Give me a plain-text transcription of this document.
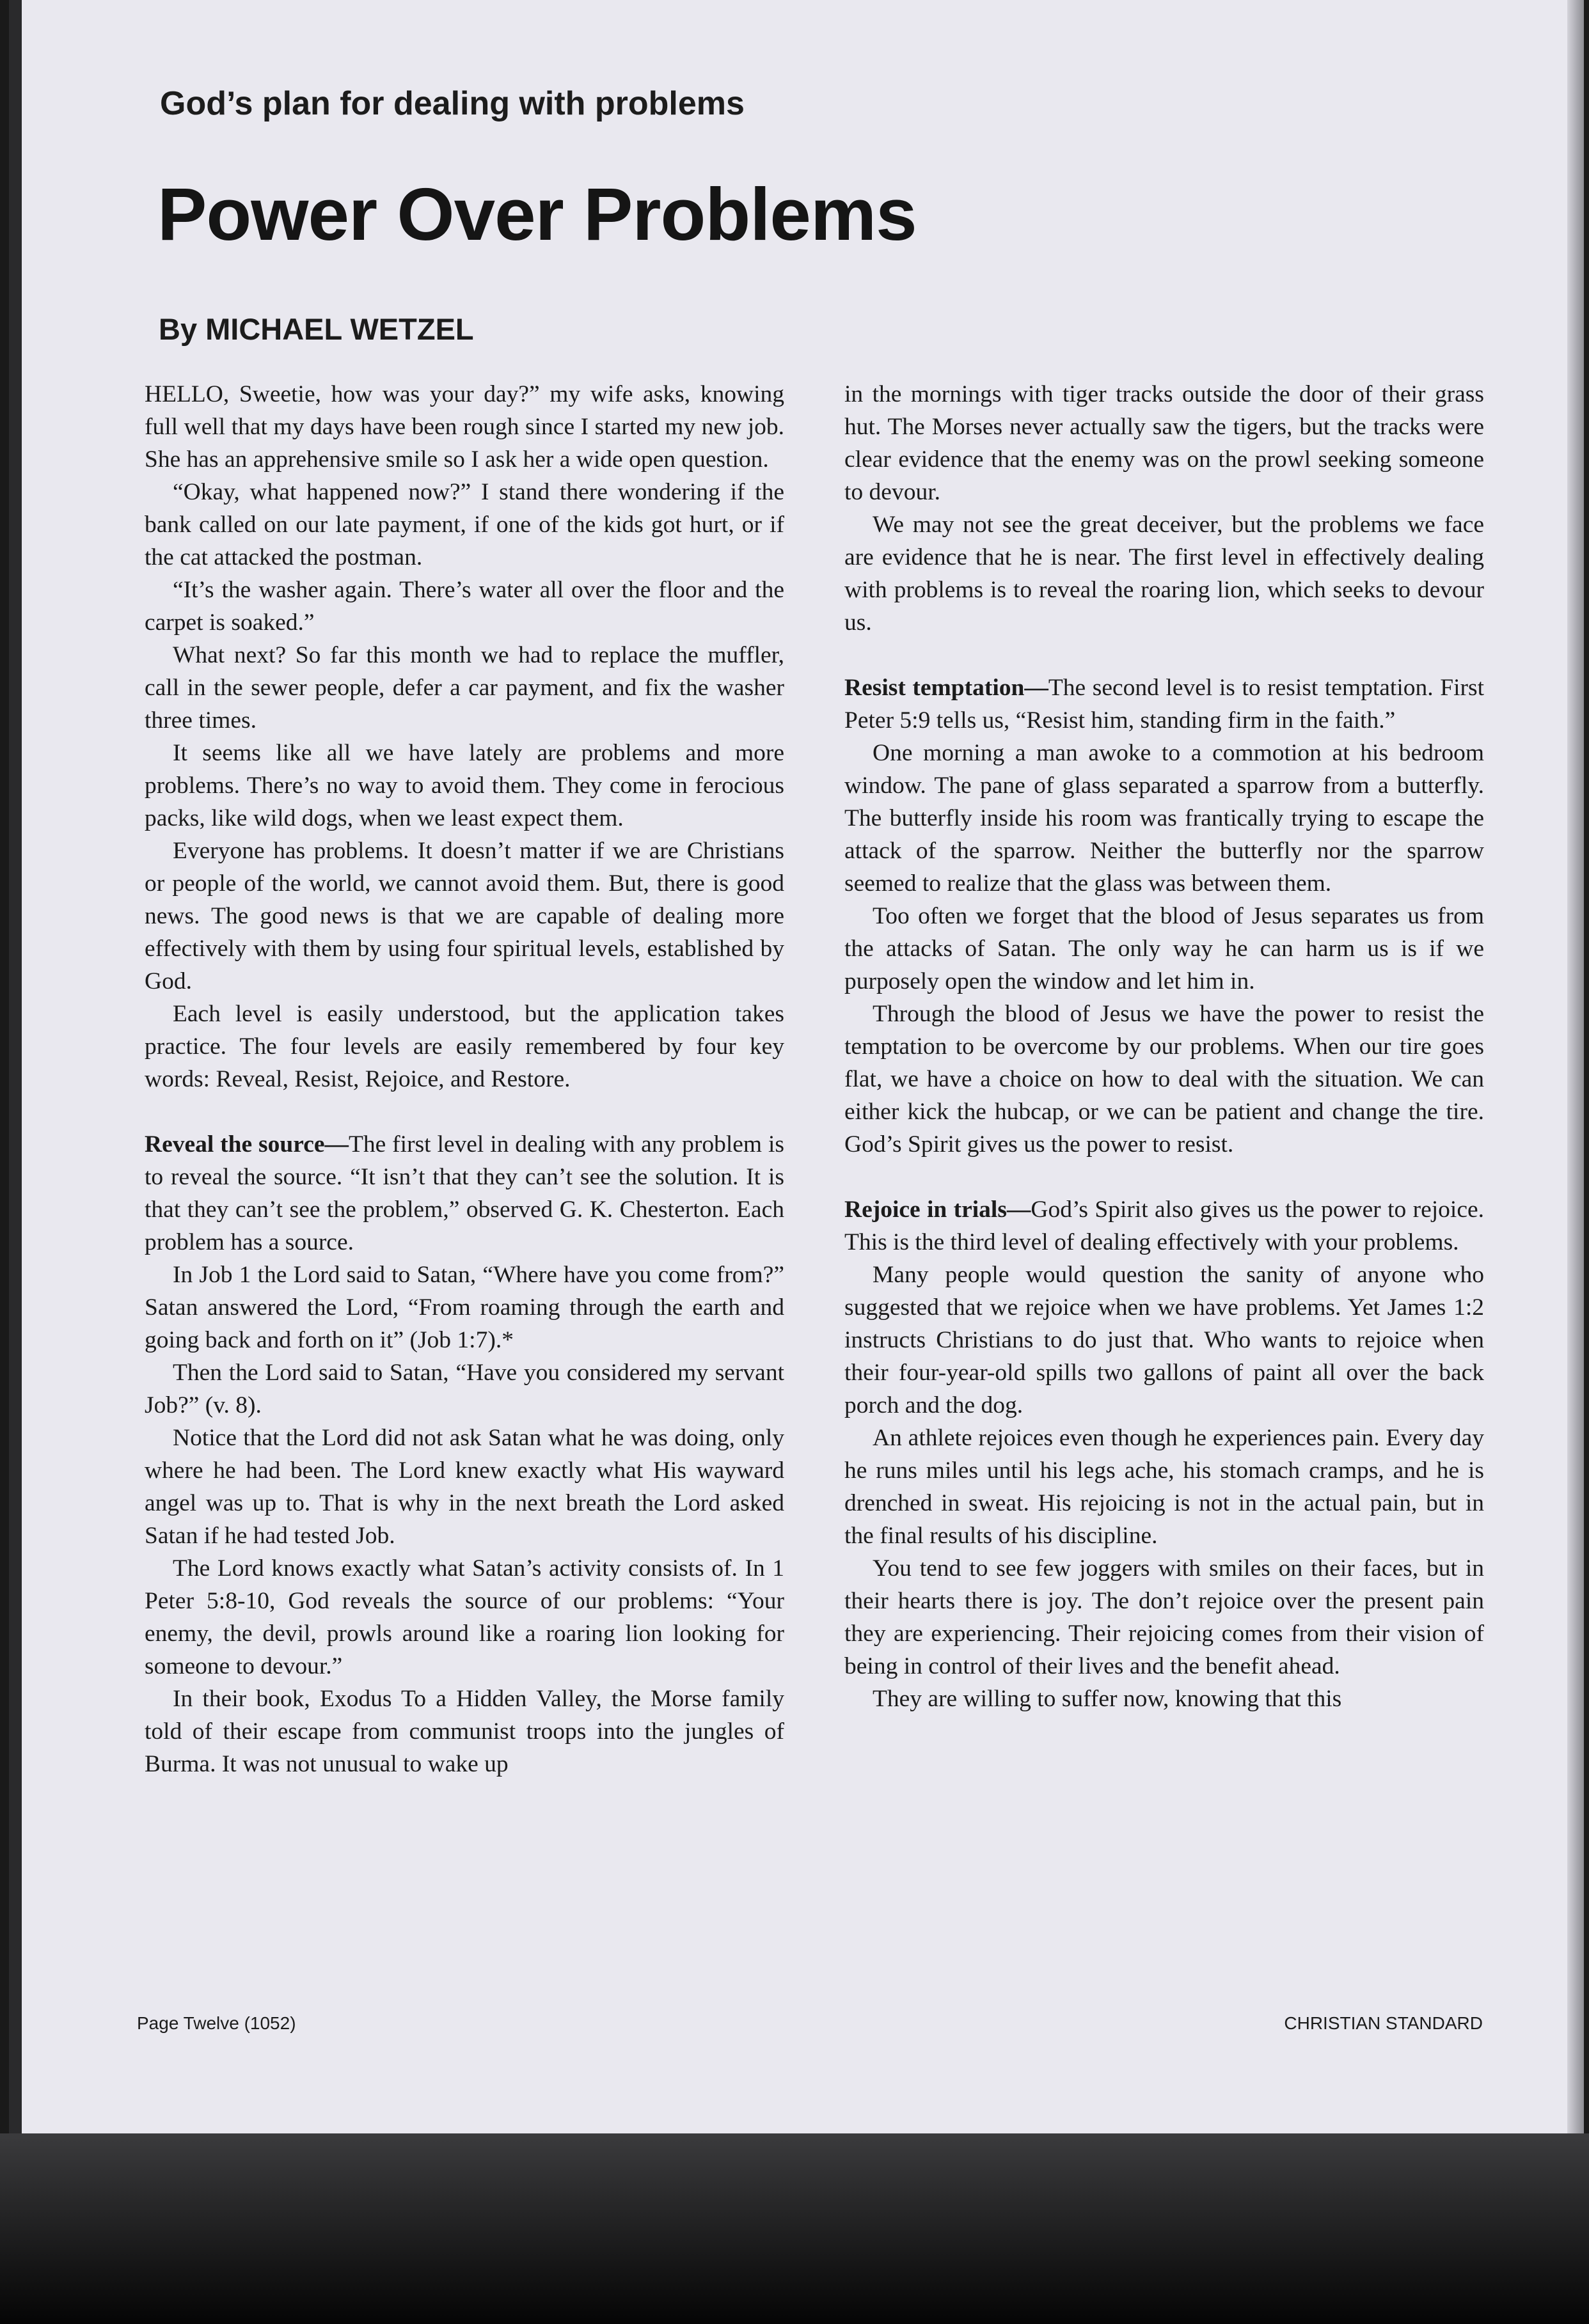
God’s plan for dealing with problems
Power Over Problems
By MICHAEL WETZEL

HELLO, Sweetie, how was your day?” my wife asks, knowing full well that my days have been rough since I started my new job. She has an apprehensive smile so I ask her a wide open question.

“Okay, what happened now?” I stand there wondering if the bank called on our late payment, if one of the kids got hurt, or if the cat attacked the postman.

“It’s the washer again. There’s water all over the floor and the carpet is soaked.”

What next? So far this month we had to replace the muffler, call in the sewer people, defer a car payment, and fix the washer three times.

It seems like all we have lately are problems and more problems. There’s no way to avoid them. They come in ferocious packs, like wild dogs, when we least expect them.

Everyone has problems. It doesn’t matter if we are Christians or people of the world, we cannot avoid them. But, there is good news. The good news is that we are capable of dealing more effectively with them by using four spiritual levels, established by God.

Each level is easily understood, but the application takes practice. The four levels are easily remembered by four key words: Reveal, Resist, Rejoice, and Restore.

Reveal the source—The first level in dealing with any problem is to reveal the source. “It isn’t that they can’t see the solution. It is that they can’t see the problem,” observed G. K. Chesterton. Each problem has a source.

In Job 1 the Lord said to Satan, “Where have you come from?” Satan answered the Lord, “From roaming through the earth and going back and forth on it” (Job 1:7).*

Then the Lord said to Satan, “Have you considered my servant Job?” (v. 8).

Notice that the Lord did not ask Satan what he was doing, only where he had been. The Lord knew exactly what His wayward angel was up to. That is why in the next breath the Lord asked Satan if he had tested Job.

The Lord knows exactly what Satan’s activity consists of. In 1 Peter 5:8-10, God reveals the source of our problems: “Your enemy, the devil, prowls around like a roaring lion looking for someone to devour.”

In their book, Exodus To a Hidden Valley, the Morse family told of their escape from communist troops into the jungles of Burma. It was not unusual to wake up

in the mornings with tiger tracks outside the door of their grass hut. The Morses never actually saw the tigers, but the tracks were clear evidence that the enemy was on the prowl seeking someone to devour.

We may not see the great deceiver, but the problems we face are evidence that he is near. The first level in effectively dealing with problems is to reveal the roaring lion, which seeks to devour us.

Resist temptation—The second level is to resist temptation. First Peter 5:9 tells us, “Resist him, standing firm in the faith.”

One morning a man awoke to a commotion at his bedroom window. The pane of glass separated a sparrow from a butterfly. The butterfly inside his room was frantically trying to escape the attack of the sparrow. Neither the butterfly nor the sparrow seemed to realize that the glass was between them.

Too often we forget that the blood of Jesus separates us from the attacks of Satan. The only way he can harm us is if we purposely open the window and let him in.

Through the blood of Jesus we have the power to resist the temptation to be overcome by our problems. When our tire goes flat, we have a choice on how to deal with the situation. We can either kick the hubcap, or we can be patient and change the tire. God’s Spirit gives us the power to resist.

Rejoice in trials—God’s Spirit also gives us the power to rejoice. This is the third level of dealing effectively with your problems.

Many people would question the sanity of anyone who suggested that we rejoice when we have problems. Yet James 1:2 instructs Christians to do just that. Who wants to rejoice when their four-year-old spills two gallons of paint all over the back porch and the dog.

An athlete rejoices even though he experiences pain. Every day he runs miles until his legs ache, his stomach cramps, and he is drenched in sweat. His rejoicing is not in the actual pain, but in the final results of his discipline.

You tend to see few joggers with smiles on their faces, but in their hearts there is joy. The don’t rejoice over the present pain they are experiencing. Their rejoicing comes from their vision of being in control of their lives and the benefit ahead.

They are willing to suffer now, knowing that this

Page Twelve (1052)	CHRISTIAN STANDARD
